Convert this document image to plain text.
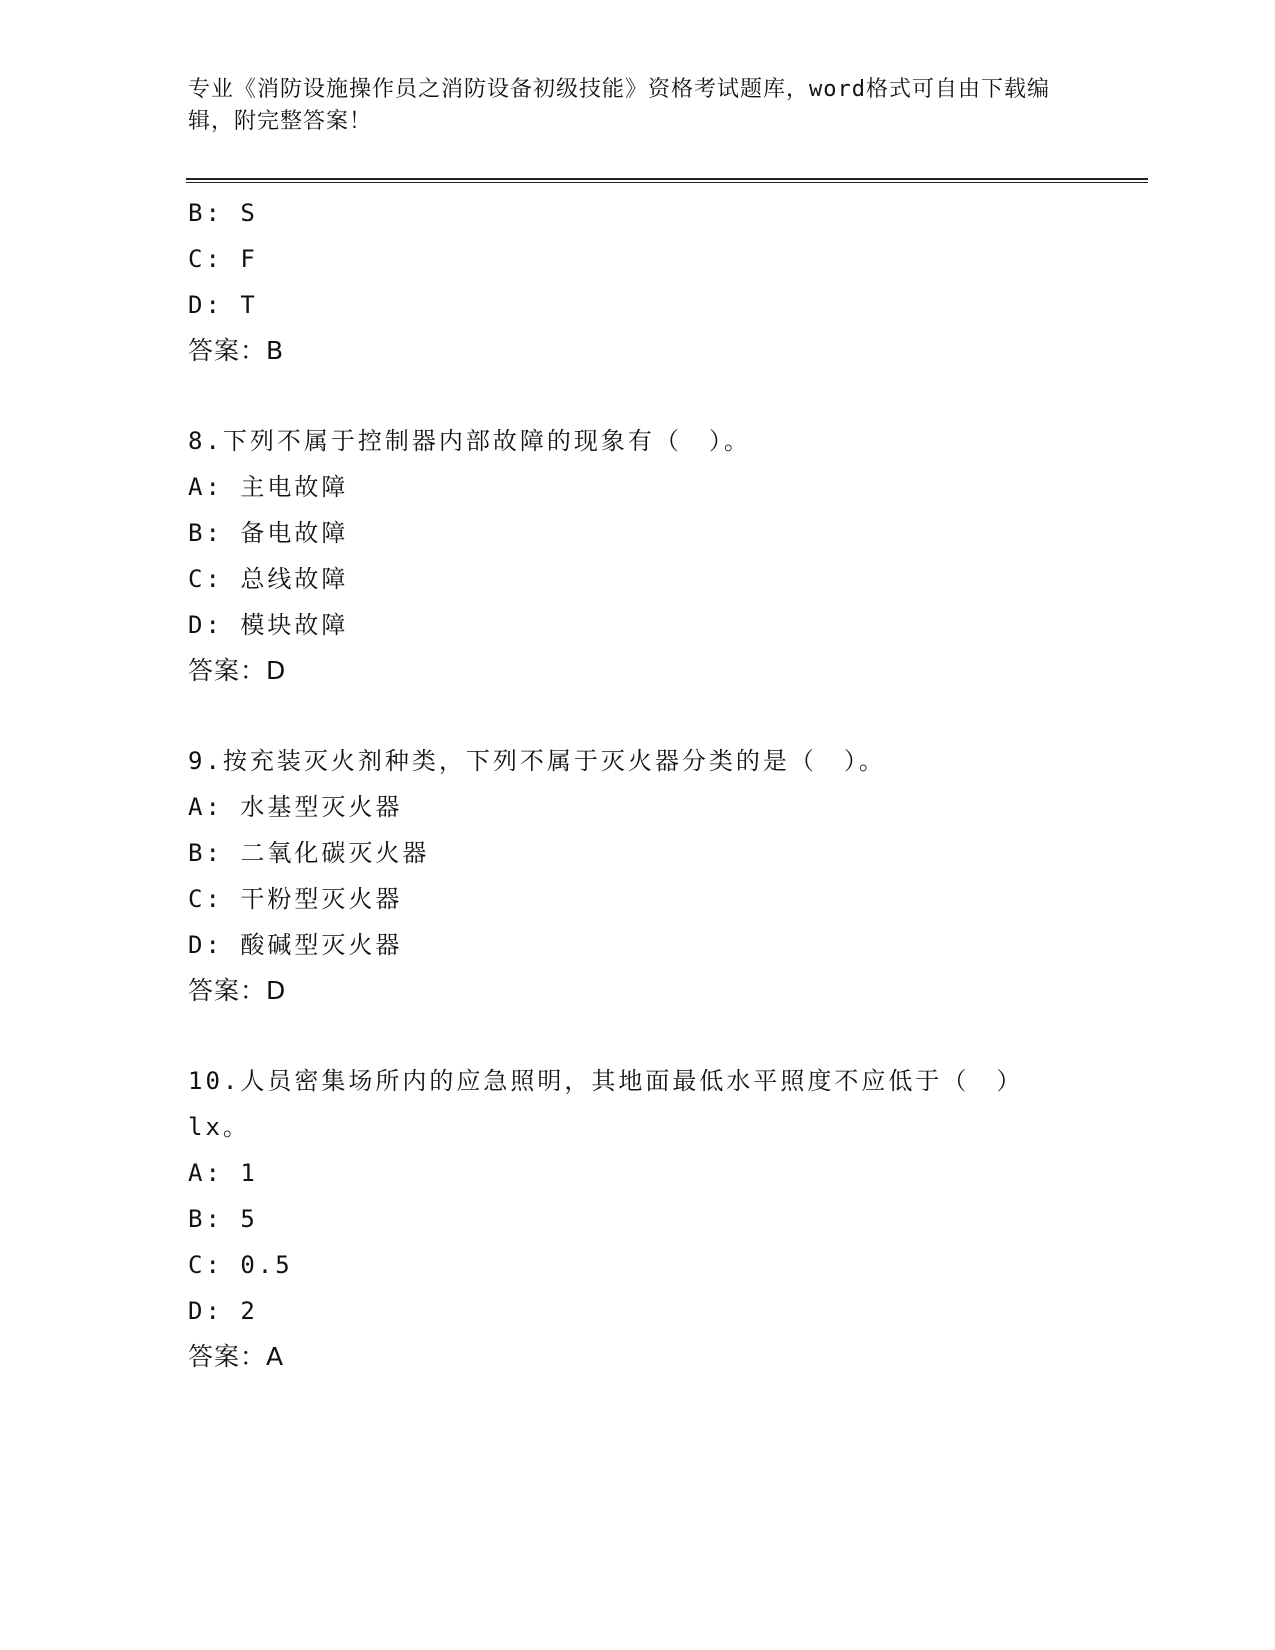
专业《消防设施操作员之消防设备初级技能》资格考试题库，word格式可自由下载编辑，附完整答案！
B: S
C: F
D: T
答案：B
8.下列不属于控制器内部故障的现象有（　）。
A: 主电故障
B: 备电故障
C: 总线故障
D: 模块故障
答案：D
9.按充装灭火剂种类，下列不属于灭火器分类的是（　）。
A: 水基型灭火器
B: 二氧化碳灭火器
C: 干粉型灭火器
D: 酸碱型灭火器
答案：D
10.人员密集场所内的应急照明，其地面最低水平照度不应低于（　）lx。
A: 1
B: 5
C: 0.5
D: 2
答案：A
